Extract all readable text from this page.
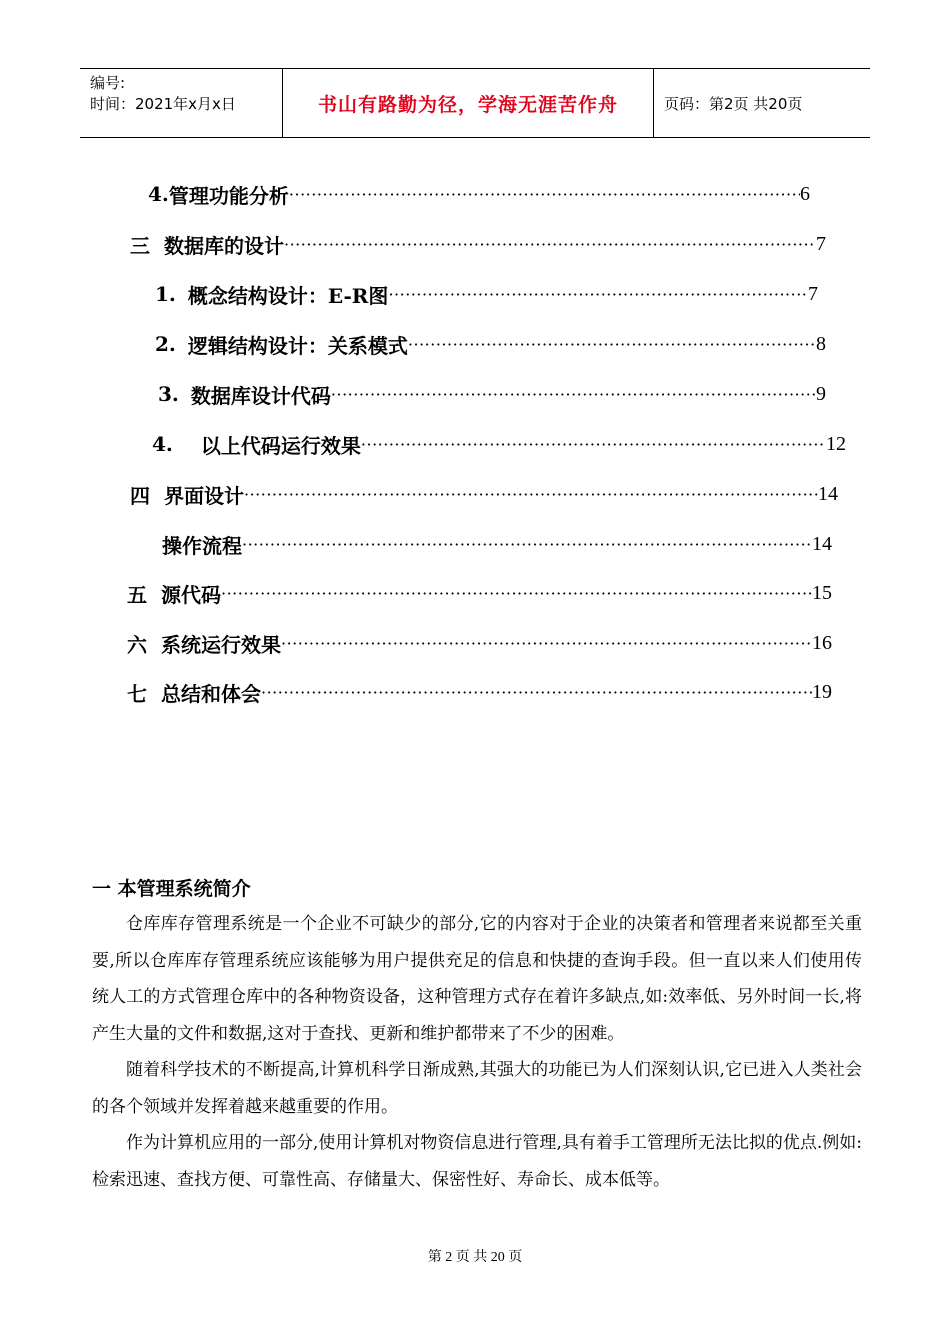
编号:
时间：2021年x月x日	书山有路勤为径，学海无涯苦作舟	页码：第2页 共20页
4. 管理功能分析 ·····	6
三 数据库的设计 ·····	7
1. 概念结构设计：E-R图 ·····	7
2. 逻辑结构设计：关系模式 ·····	8
3. 数据库设计代码 ·····	9
4. 以上代码运行效果 ·····	12
四 界面设计 ·····	14
操作流程 ·····	14
五 源代码 ·····	15
六 系统运行效果 ·····	16
七 总结和体会 ·····	19
一 本管理系统简介

仓库库存管理系统是一个企业不可缺少的部分,它的内容对于企业的决策者和管理者来说都至关重要,所以仓库库存管理系统应该能够为用户提供充足的信息和快捷的查询手段。但一直以来人们使用传统人工的方式管理仓库中的各种物资设备，这种管理方式存在着许多缺点,如:效率低、另外时间一长,将产生大量的文件和数据,这对于查找、更新和维护都带来了不少的困难。

随着科学技术的不断提高,计算机科学日渐成熟,其强大的功能已为人们深刻认识,它已进入人类社会的各个领域并发挥着越来越重要的作用。

作为计算机应用的一部分,使用计算机对物资信息进行管理,具有着手工管理所无法比拟的优点.例如:检索迅速、查找方便、可靠性高、存储量大、保密性好、寿命长、成本低等。

第 2 页 共 20 页
